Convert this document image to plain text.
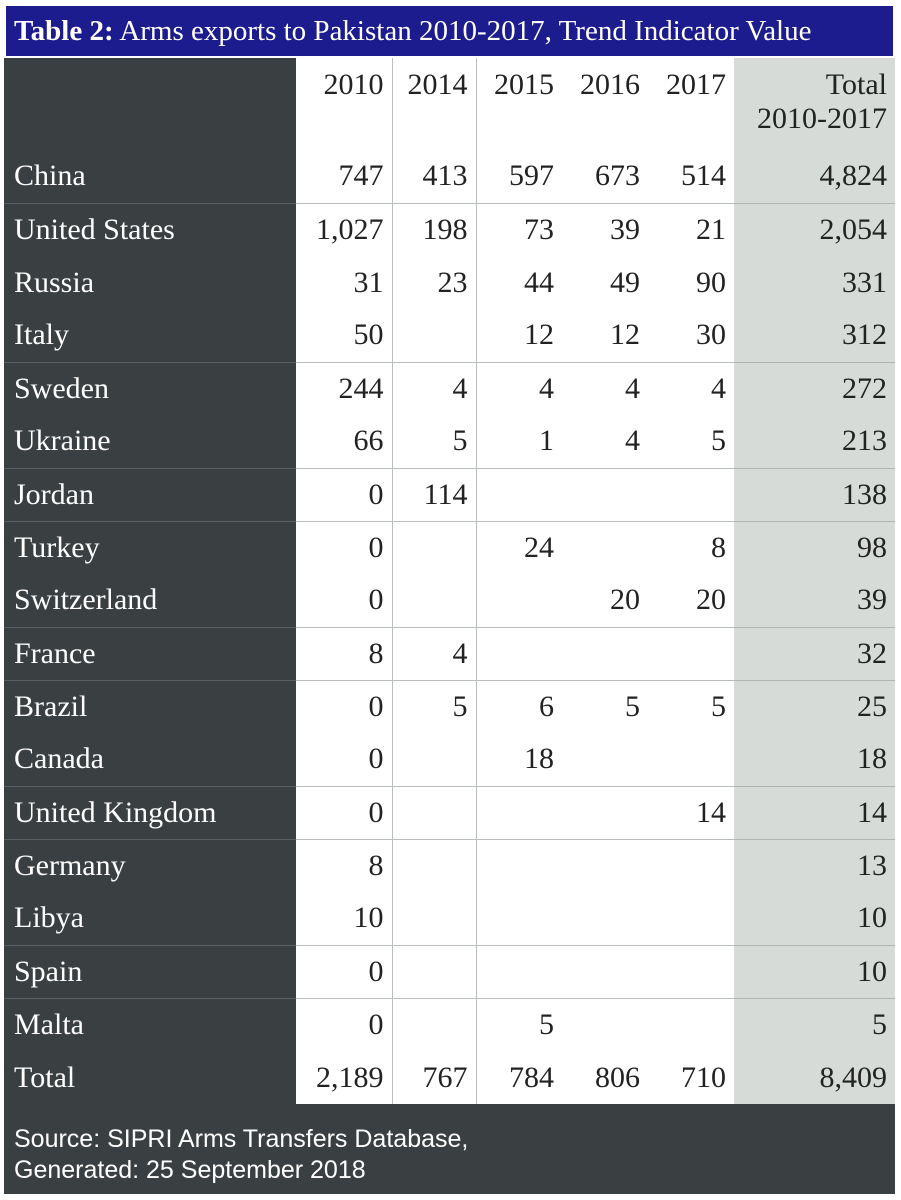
Table 2: Arms exports to Pakistan 2010-2017, Trend Indicator Value
	2010	2014	2015	2016	2017	Total
2010-2017

China	747	413	597	673	514	4,824
United States	1,027	198	73	39	21	2,054
Russia	31	23	44	49	90	331
Italy	50		12	12	30	312
Sweden	244	4	4	4	4	272
Ukraine	66	5	1	4	5	213
Jordan	0	114				138
Turkey	0		24		8	98
Switzerland	0			20	20	39
France	8	4				32
Brazil	0	5	6	5	5	25
Canada	0		18			18
United Kingdom	0				14	14
Germany	8					13
Libya	10					10
Spain	0					10
Malta	0		5			5
Total	2,189	767	784	806	710	8,409
Source: SIPRI Arms Transfers Database,
Generated: 25 September 2018
